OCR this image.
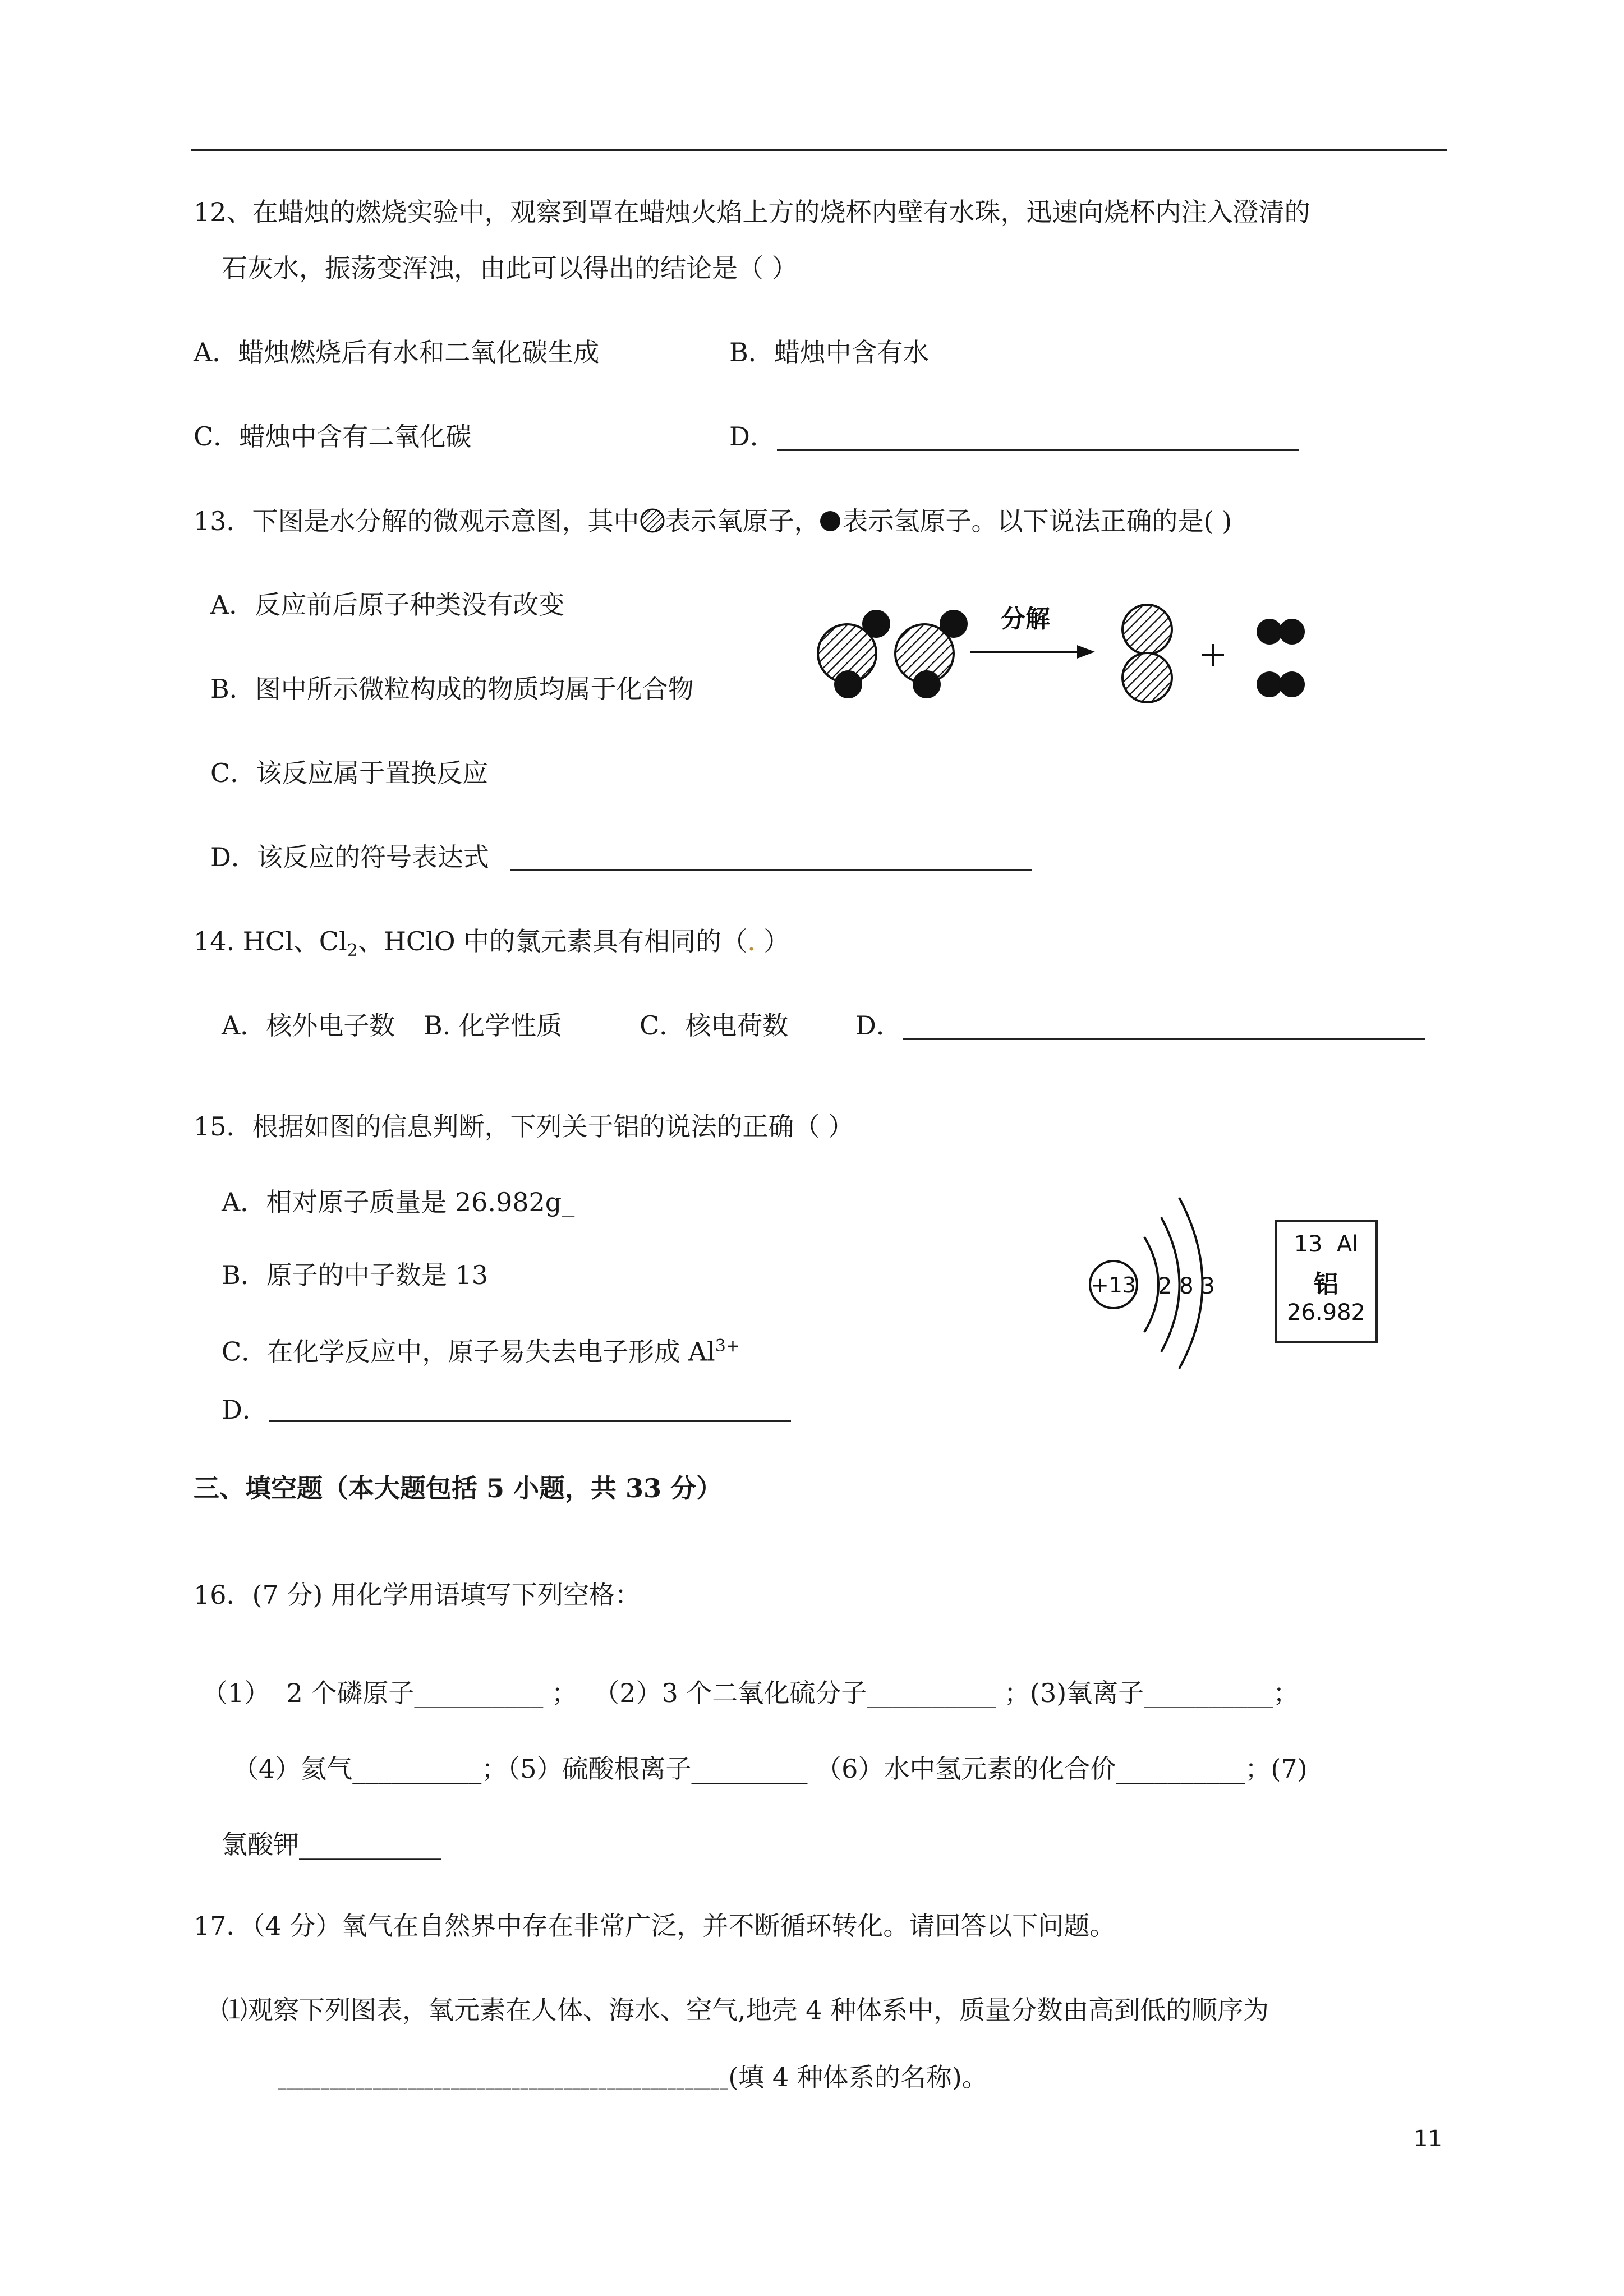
12、在蜡烛的燃烧实验中，观察到罩在蜡烛火焰上方的烧杯内壁有水珠，迅速向烧杯内注入澄清的
石灰水，振荡变浑浊，由此可以得出的结论是（ ）
A．蜡烛燃烧后有水和二氧化碳生成	B．蜡烛中含有水
C．蜡烛中含有二氧化碳	D．
13．下图是水分解的微观示意图，其中 表示氧原子， 表示氢原子。以下说法正确的是( )
A．反应前后原子种类没有改变
B．图中所示微粒构成的物质均属于化合物
C．该反应属于置换反应
D．该反应的符号表达式
分解
14. HCl、$Cl_2$、HClO 中的氯元素具有相同的（. ）
A．核外电子数 B. 化学性质	C．核电荷数	D．
15．根据如图的信息判断，下列关于铝的说法的正确（ ）
A．相对原子质量是 26.982g_
B．原子的中子数是 13
C．在化学反应中，原子易失去电子形成 $Al^{3+}$
D．
+13 2 8 3
13  Al
铝
26.982
三、填空题（本大题包括 5 小题，共 33 分）
16．(7 分) 用化学用语填写下列空格：
（1）  2 个磷原子__________ ；  （2）3 个二氧化硫分子__________ ；(3)氧离子__________；
（4）氦气__________；（5）硫酸根离子_________ （6）水中氢元素的化合价__________；(7)
氯酸钾___________
17．（4 分）氧气在自然界中存在非常广泛，并不断循环转化。请回答以下问题。
⑴观察下列图表，氧元素在人体、海水、空气,地壳 4 种体系中，质量分数由高到低的顺序为
____________________________________________________(填 4 种体系的名称)。
11
